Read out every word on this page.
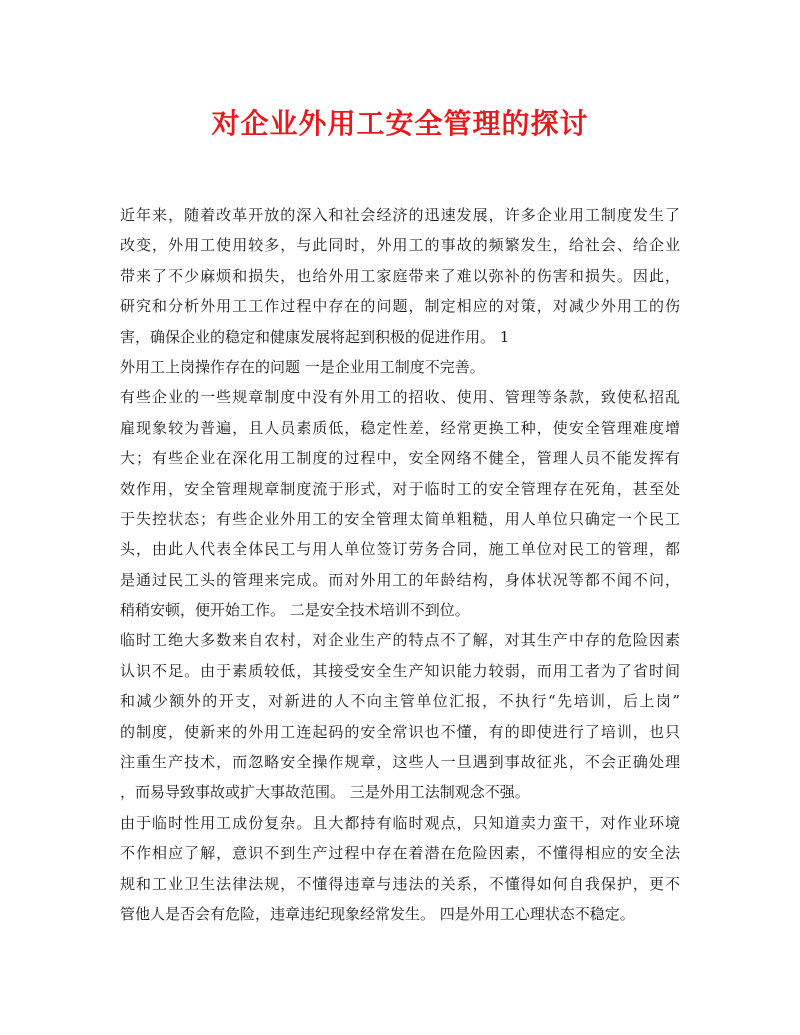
对企业外用工安全管理的探讨
近年来，随着改革开放的深入和社会经济的迅速发展，许多企业用工制度发生了
改变，外用工使用较多，与此同时，外用工的事故的频繁发生，给社会、给企业
带来了不少麻烦和损失，也给外用工家庭带来了难以弥补的伤害和损失。因此，
研究和分析外用工工作过程中存在的问题，制定相应的对策，对减少外用工的伤
害，确保企业的稳定和健康发展将起到积极的促进作用。 1
外用工上岗操作存在的问题 一是企业用工制度不完善。
有些企业的一些规章制度中没有外用工的招收、使用、管理等条款，致使私招乱
雇现象较为普遍，且人员素质低，稳定性差，经常更换工种，使安全管理难度增
大；有些企业在深化用工制度的过程中，安全网络不健全，管理人员不能发挥有
效作用，安全管理规章制度流于形式，对于临时工的安全管理存在死角，甚至处
于失控状态；有些企业外用工的安全管理太简单粗糙，用人单位只确定一个民工
头，由此人代表全体民工与用人单位签订劳务合同，施工单位对民工的管理，都
是通过民工头的管理来完成。而对外用工的年龄结构，身体状况等都不闻不问，
稍稍安顿，便开始工作。 二是安全技术培训不到位。
临时工绝大多数来自农村，对企业生产的特点不了解，对其生产中存的危险因素
认识不足。由于素质较低，其接受安全生产知识能力较弱，而用工者为了省时间
和减少额外的开支，对新进的人不向主管单位汇报，不执行“先培训，后上岗”
的制度，使新来的外用工连起码的安全常识也不懂，有的即使进行了培训，也只
注重生产技术，而忽略安全操作规章，这些人一旦遇到事故征兆，不会正确处理
，而易导致事故或扩大事故范围。 三是外用工法制观念不强。
由于临时性用工成份复杂。且大都持有临时观点，只知道卖力蛮干，对作业环境
不作相应了解，意识不到生产过程中存在着潜在危险因素，不懂得相应的安全法
规和工业卫生法律法规，不懂得违章与违法的关系，不懂得如何自我保护，更不
管他人是否会有危险，违章违纪现象经常发生。 四是外用工心理状态不稳定。
